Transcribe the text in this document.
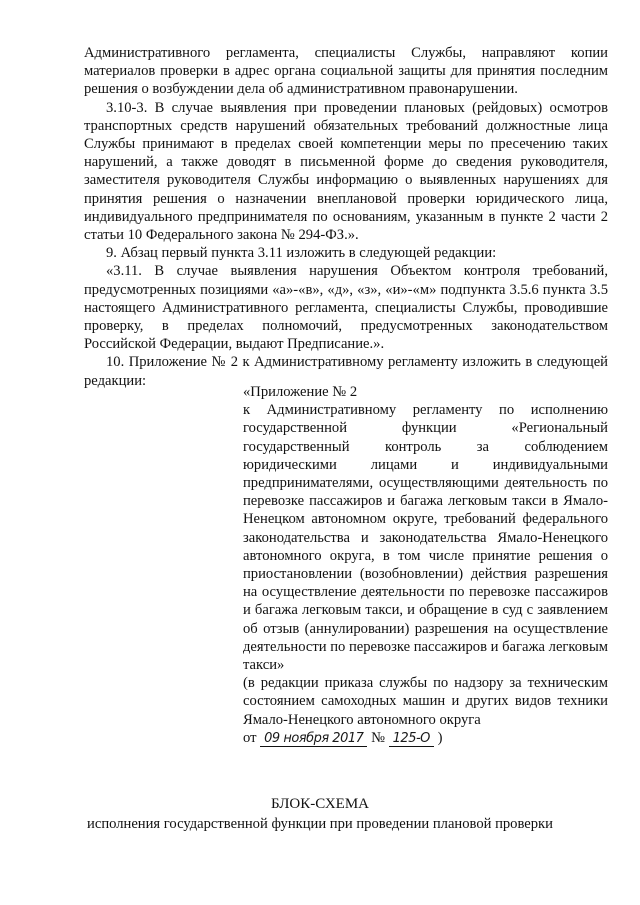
Административного регламента, специалисты Службы, направляют копии материалов проверки в адрес органа социальной защиты для принятия последним решения о возбуждении дела об административном правонарушении.

3.10-3. В случае выявления при проведении плановых (рейдовых) осмотров транспортных средств нарушений обязательных требований должностные лица Службы принимают в пределах своей компетенции меры по пресечению таких нарушений, а также доводят в письменной форме до сведения руководителя, заместителя руководителя Службы информацию о выявленных нарушениях для принятия решения о назначении внеплановой проверки юридического лица, индивидуального предпринимателя по основаниям, указанным в пункте 2 части 2 статьи 10 Федерального закона № 294-ФЗ.».

9. Абзац первый пункта 3.11 изложить в следующей редакции:

«3.11. В случае выявления нарушения Объектом контроля требований, предусмотренных позициями «а»-«в», «д», «з», «и»-«м» подпункта 3.5.6 пункта 3.5 настоящего Административного регламента, специалисты Службы, проводившие проверку, в пределах полномочий, предусмотренных законодательством Российской Федерации, выдают Предписание.».

10. Приложение № 2 к Административному регламенту изложить в следующей редакции:

«Приложение № 2

к Административному регламенту по исполнению государственной функции «Региональный государственный контроль за соблюдением юридическими лицами и индивидуальными предпринимателями, осуществляющими деятельность по перевозке пассажиров и багажа легковым такси в Ямало-Ненецком автономном округе, требований федерального законодательства и законодательства Ямало-Ненецкого автономного округа, в том числе принятие решения о приостановлении (возобновлении) действия разрешения на осуществление деятельности по перевозке пассажиров и багажа легковым такси, и обращение в суд с заявлением об отзыв (аннулировании) разрешения на осуществление деятельности по перевозке пассажиров и багажа легковым такси»

(в редакции приказа службы по надзору за техническим состоянием самоходных машин и других видов техники Ямало-Ненецкого автономного округа

от 09 ноября 2017 № 125-О )

БЛОК-СХЕМА
исполнения государственной функции при проведении плановой проверки
